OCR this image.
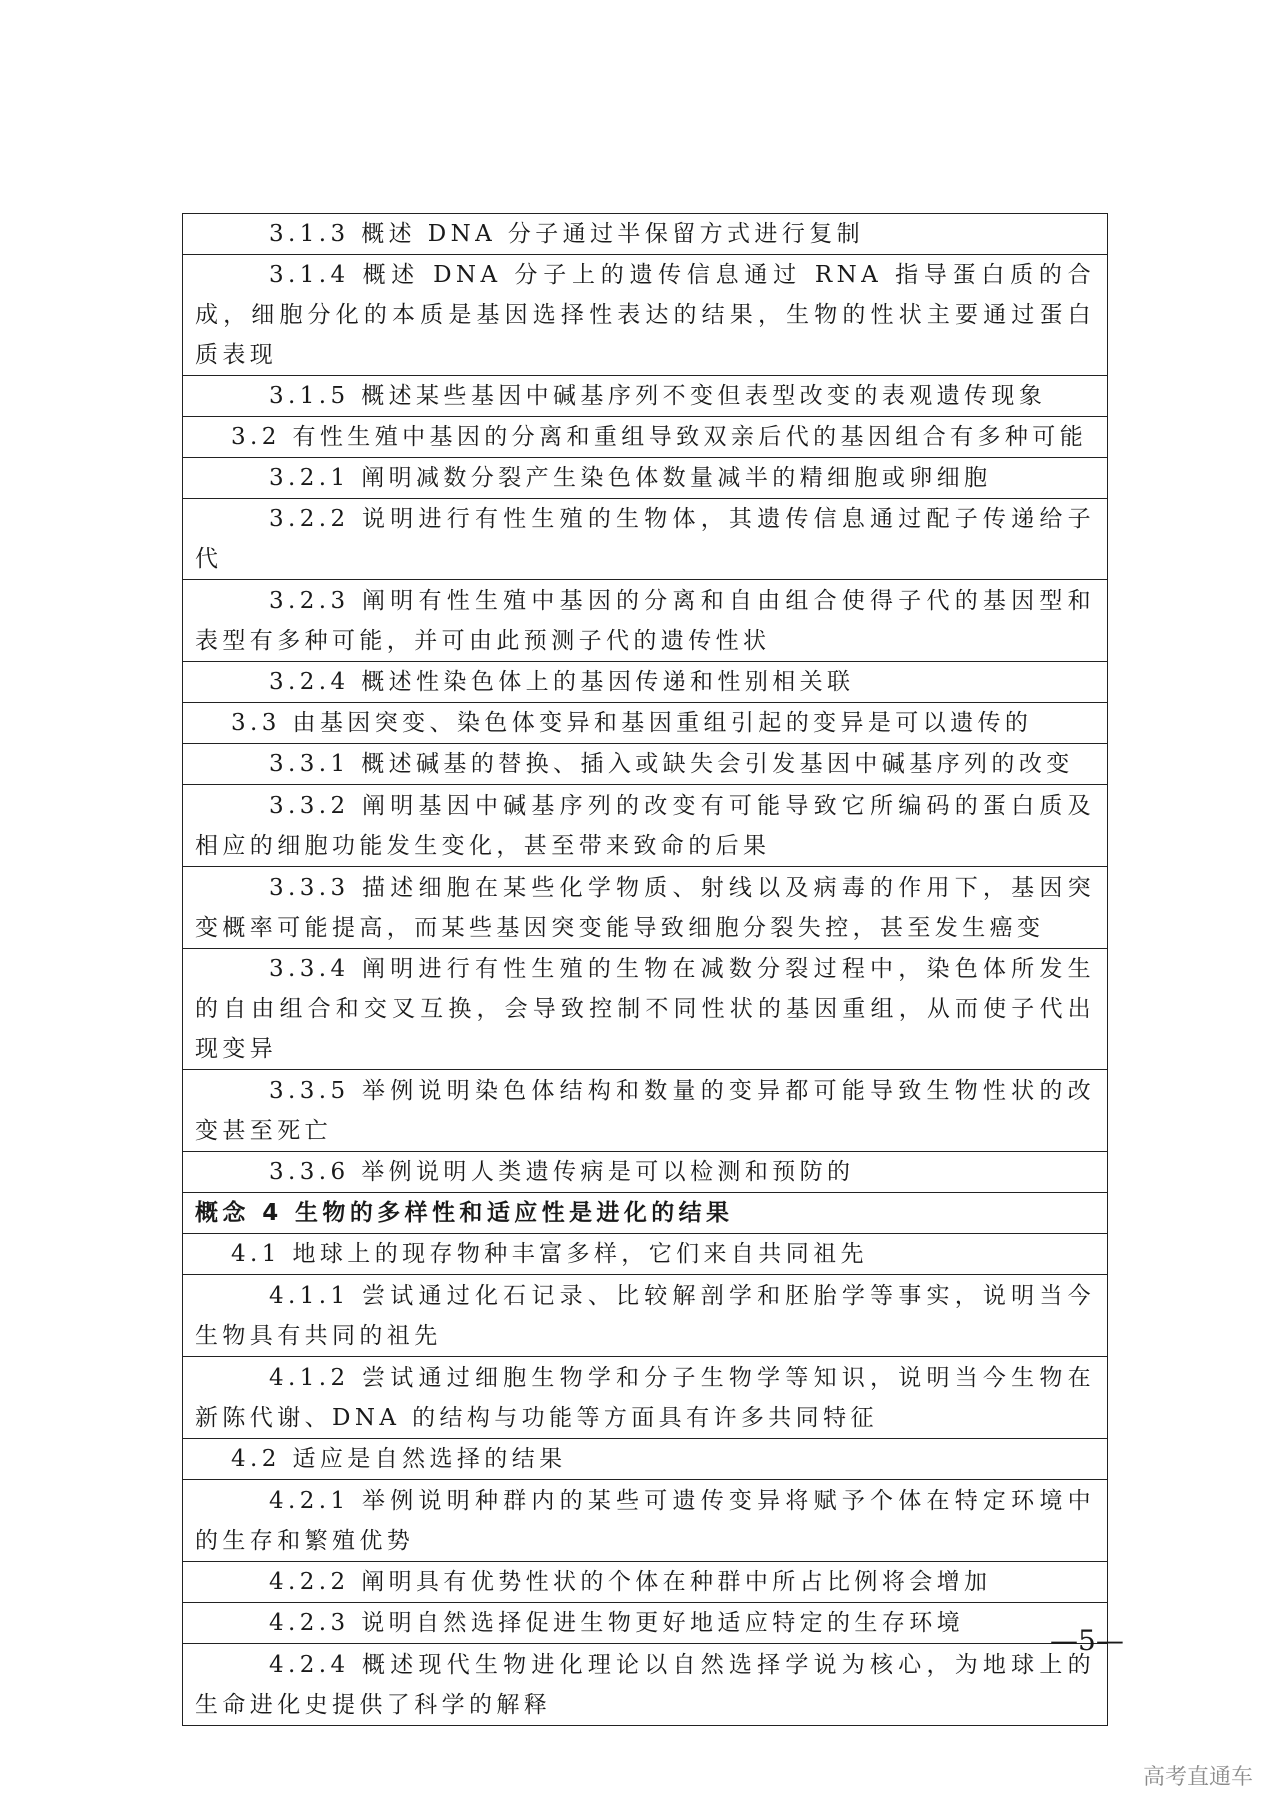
3.1.3 概述 DNA 分子通过半保留方式进行复制
3.1.4 概述 DNA 分子上的遗传信息通过 RNA 指导蛋白质的合成，细胞分化的本质是基因选择性表达的结果，生物的性状主要通过蛋白质表现
3.1.5 概述某些基因中碱基序列不变但表型改变的表观遗传现象
3.2 有性生殖中基因的分离和重组导致双亲后代的基因组合有多种可能
3.2.1 阐明减数分裂产生染色体数量减半的精细胞或卵细胞
3.2.2 说明进行有性生殖的生物体，其遗传信息通过配子传递给子代
3.2.3 阐明有性生殖中基因的分离和自由组合使得子代的基因型和表型有多种可能，并可由此预测子代的遗传性状
3.2.4 概述性染色体上的基因传递和性别相关联
3.3 由基因突变、染色体变异和基因重组引起的变异是可以遗传的
3.3.1 概述碱基的替换、插入或缺失会引发基因中碱基序列的改变
3.3.2 阐明基因中碱基序列的改变有可能导致它所编码的蛋白质及相应的细胞功能发生变化，甚至带来致命的后果
3.3.3 描述细胞在某些化学物质、射线以及病毒的作用下，基因突变概率可能提高，而某些基因突变能导致细胞分裂失控，甚至发生癌变
3.3.4 阐明进行有性生殖的生物在减数分裂过程中，染色体所发生的自由组合和交叉互换，会导致控制不同性状的基因重组，从而使子代出现变异
3.3.5 举例说明染色体结构和数量的变异都可能导致生物性状的改变甚至死亡
3.3.6 举例说明人类遗传病是可以检测和预防的
概念 4 生物的多样性和适应性是进化的结果
4.1 地球上的现存物种丰富多样，它们来自共同祖先
4.1.1 尝试通过化石记录、比较解剖学和胚胎学等事实，说明当今生物具有共同的祖先
4.1.2 尝试通过细胞生物学和分子生物学等知识，说明当今生物在新陈代谢、DNA 的结构与功能等方面具有许多共同特征
4.2 适应是自然选择的结果
4.2.1 举例说明种群内的某些可遗传变异将赋予个体在特定环境中的生存和繁殖优势
4.2.2 阐明具有优势性状的个体在种群中所占比例将会增加
4.2.3 说明自然选择促进生物更好地适应特定的生存环境
4.2.4 概述现代生物进化理论以自然选择学说为核心，为地球上的生命进化史提供了科学的解释
—5—
高考直通车
